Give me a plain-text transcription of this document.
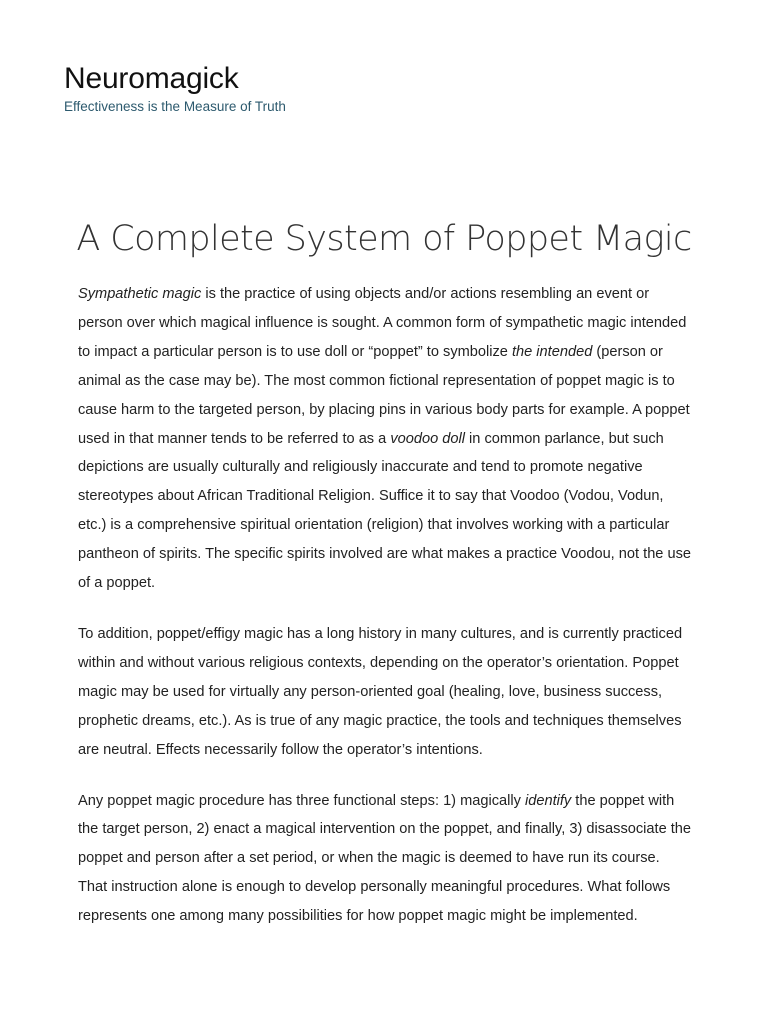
Neuromagick
Effectiveness is the Measure of Truth
A Complete System of Poppet Magic

Sympathetic magic is the practice of using objects and/or actions resembling an event or person over which magical influence is sought. A common form of sympathetic magic intended to impact a particular person is to use doll or “poppet” to symbolize the intended (person or animal as the case may be). The most common fictional representation of poppet magic is to cause harm to the targeted person, by placing pins in various body parts for example. A poppet used in that manner tends to be referred to as a voodoo doll in common parlance, but such depictions are usually culturally and religiously inaccurate and tend to promote negative stereotypes about African Traditional Religion. Suffice it to say that Voodoo (Vodou, Vodun, etc.) is a comprehensive spiritual orientation (religion) that involves working with a particular pantheon of spirits. The specific spirits involved are what makes a practice Voodou, not the use of a poppet.

To addition, poppet/effigy magic has a long history in many cultures, and is currently practiced within and without various religious contexts, depending on the operator’s orientation. Poppet magic may be used for virtually any person-oriented goal (healing, love, business success, prophetic dreams, etc.). As is true of any magic practice, the tools and techniques themselves are neutral. Effects necessarily follow the operator’s intentions.

Any poppet magic procedure has three functional steps: 1) magically identify the poppet with the target person, 2) enact a magical intervention on the poppet, and finally, 3) disassociate the poppet and person after a set period, or when the magic is deemed to have run its course. That instruction alone is enough to develop personally meaningful procedures. What follows represents one among many possibilities for how poppet magic might be implemented.
